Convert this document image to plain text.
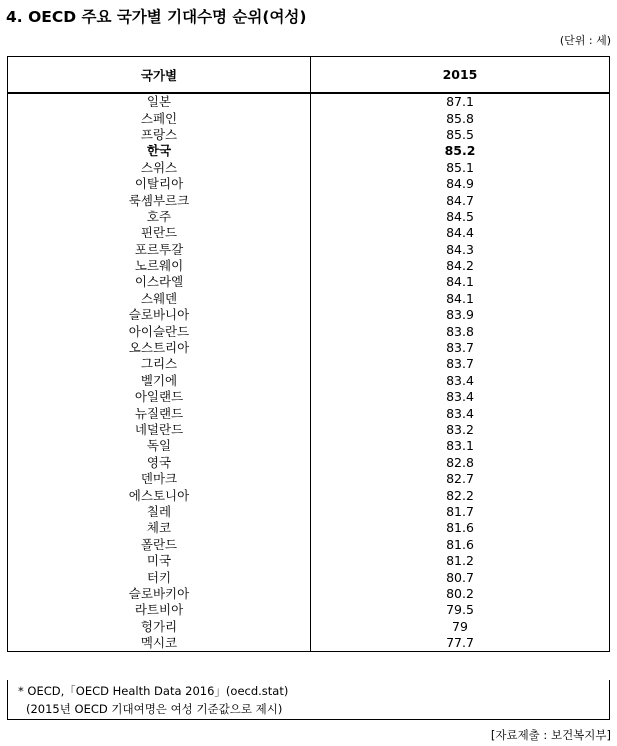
4. OECD 주요 국가별 기대수명 순위(여성)
(단위 : 세)
국가별	2015
일본	87.1
스페인	85.8
프랑스	85.5
한국	85.2
스위스	85.1
이탈리아	84.9
룩셈부르크	84.7
호주	84.5
핀란드	84.4
포르투갈	84.3
노르웨이	84.2
이스라엘	84.1
스웨덴	84.1
슬로바니아	83.9
아이슬란드	83.8
오스트리아	83.7
그리스	83.7
벨기에	83.4
아일랜드	83.4
뉴질랜드	83.4
네덜란드	83.2
독일	83.1
영국	82.8
덴마크	82.7
에스토니아	82.2
칠레	81.7
체코	81.6
폴란드	81.6
미국	81.2
터키	80.7
슬로바키아	80.2
라트비아	79.5
헝가리	79
멕시코	77.7
* OECD,「OECD Health Data 2016」(oecd.stat)
(2015년 OECD 기대여명은 여성 기준값으로 제시)
[자료제출 : 보건복지부]
